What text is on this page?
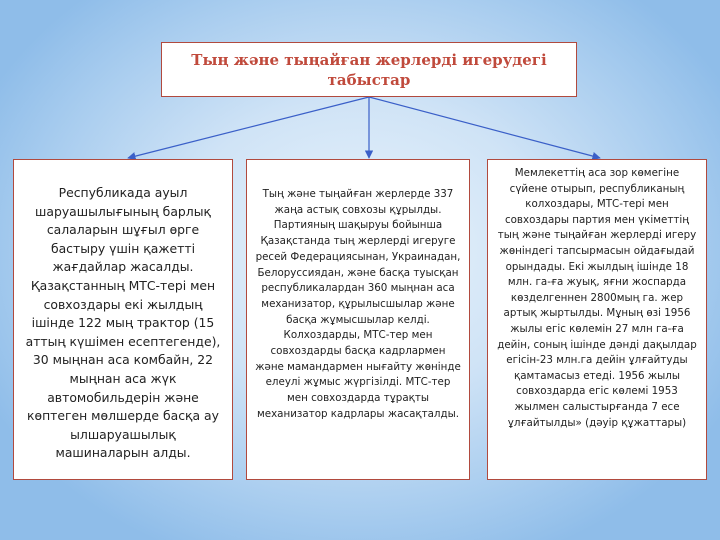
Тың және тыңайған жерлерді игерудегі табыстар
Республикада ауыл шаруашылығының барлық салаларын шұғыл өрге бастыру үшін қажетті жағдайлар жасалды. Қазақстанның МТС-тері мен совхоздары екі жылдың ішінде 122 мың трактор (15 аттың күшімен есептегенде), 30 мыңнан аса комбайн, 22 мыңнан аса жүк автомобильдерін және көптеген мөлшерде басқа ау ылшаруашылық машиналарын алды.
Тың және тыңайған жерлерде 337 жаңа астық совхозы құрылды. Партияның шақыруы бойынша Қазақстанда тың жерлерді игеруге ресей Федерациясынан, Украинадан, Белоруссиядан, және басқа туысқан республикалардан 360 мыңнан аса механизатор, құрылысшылар және басқа жұмысшылар келді. Колхоздарды, МТС-тер мен совхоздарды басқа кадрлармен және мамандармен нығайту жөнінде елеулі жұмыс жүргізілді. МТС-тер мен совхоздарда тұрақты механизатор кадрлары жасақталды.
Мемлекеттің аса зор көмегіне сүйене отырып, республиканың колхоздары, МТС-тері мен совхоздары партия мен үкіметтің тың және тыңайған жерлерді игеру жөніндегі тапсырмасын ойдағыдай орындады. Екі жылдың ішінде 18 млн. га-ға жуық, яғни жоспарда көзделгеннен 2800мың га. жер артық жыртылды. Мұның өзі 1956 жылы егіс көлемін 27 млн га-ға дейін, соның ішінде дәнді дақылдар егісін-23 млн.га дейін ұлғайтуды қамтамасыз етеді. 1956 жылы совхоздарда егіс көлемі 1953 жылмен салыстырғанда 7 есе ұлғайтылды» (дәуір құжаттары)
